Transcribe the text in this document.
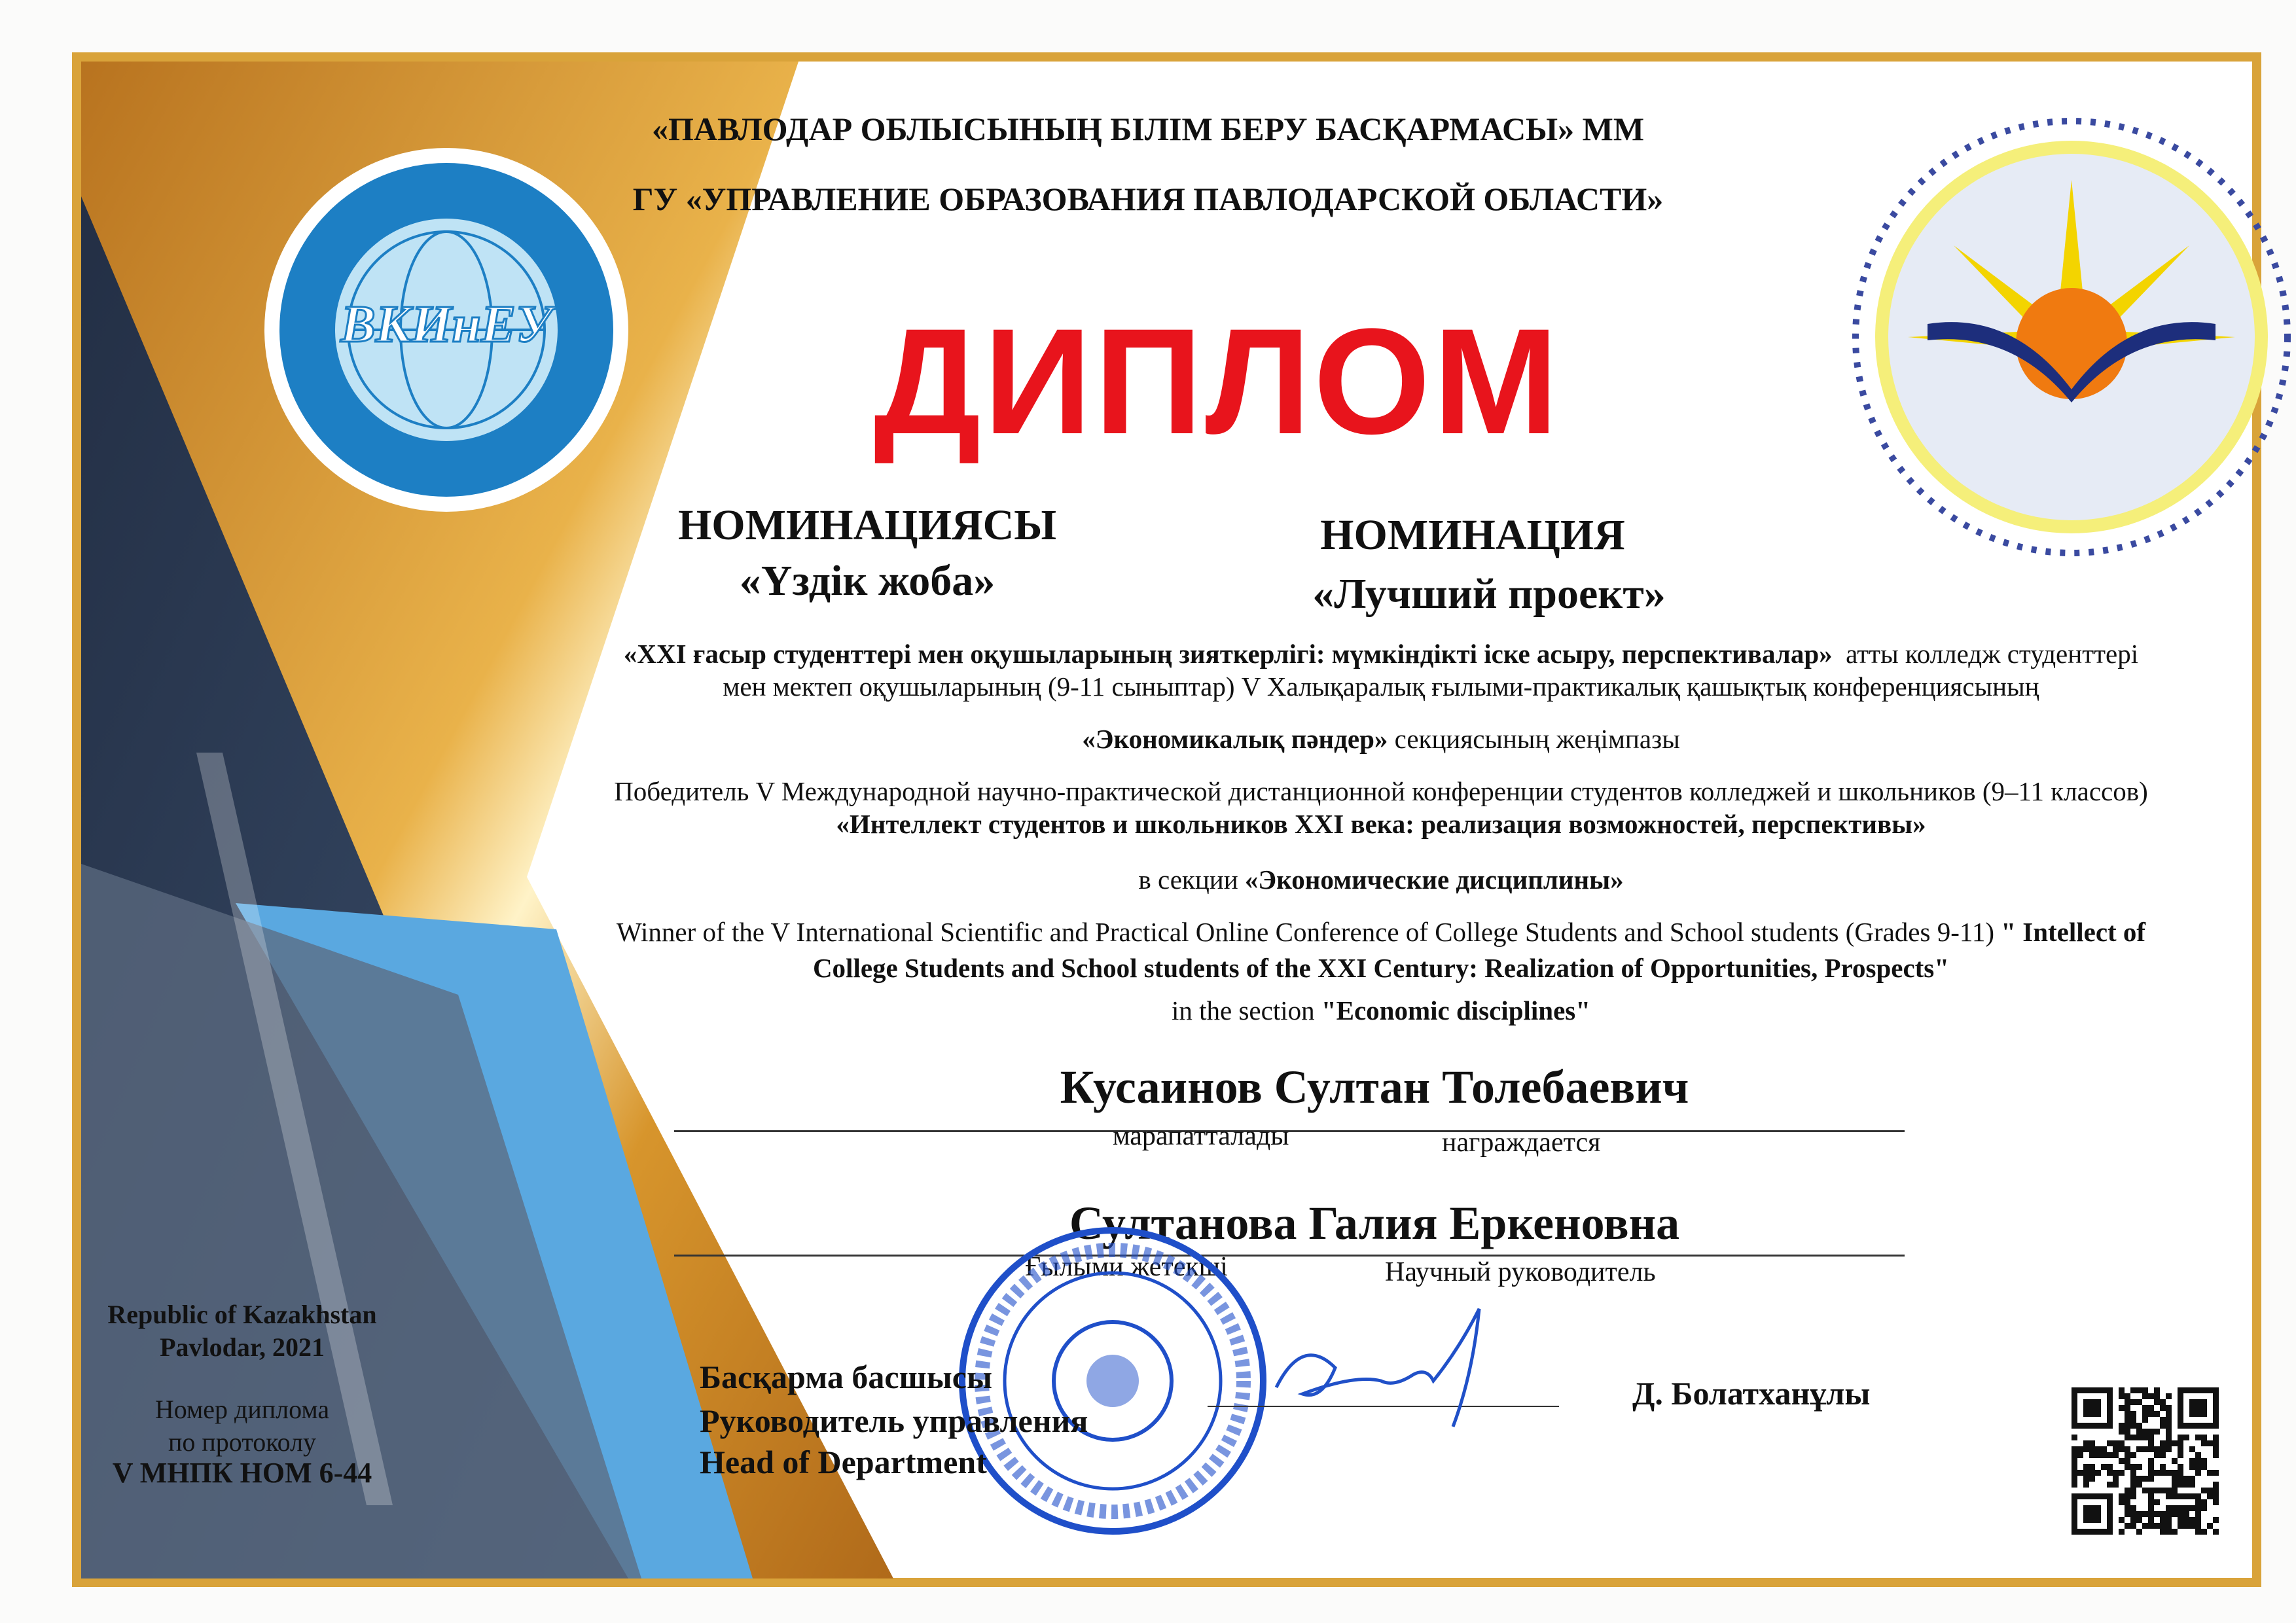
ВКИнЕУ
«ПАВЛОДАР ОБЛЫСЫНЫҢ БІЛІМ БЕРУ БАСҚАРМАСЫ» ММ
ГУ «УПРАВЛЕНИЕ ОБРАЗОВАНИЯ ПАВЛОДАРСКОЙ ОБЛАСТИ»
ДИПЛОМ
НОМИНАЦИЯСЫ
«Үздік жоба»
НОМИНАЦИЯ
«Лучший проект»
«XXI ғасыр студенттері мен оқушыларының зияткерлігі: мүмкіндікті іске асыру, перспективалар» атты колледж студенттері
мен мектеп оқушыларының (9-11 сыныптар) V Халықаралық ғылыми-практикалық қашықтық конференциясының
«Экономикалық пәндер» секциясының жеңімпазы
Победитель V Международной научно-практической дистанционной конференции студентов колледжей и школьников (9–11 классов)
«Интеллект студентов и школьников XXI века: реализация возможностей, перспективы»
в секции «Экономические дисциплины»
Winner of the V International Scientific and Practical Online Conference of College Students and School students (Grades 9-11) " Intellect of
College Students and School students of the XXI Century: Realization of Opportunities, Prospects"
in the section "Economic disciplines"
Кусаинов Султан Толебаевич
марапатталады	награждается
Султанова Галия Еркеновна
Ғылыми жетекші	Научный руководитель
Republic of Kazakhstan
Pavlodar, 2021
Номер диплома
по протоколу
V МНПК НОМ 6-44
Басқарма басшысы
Руководитель управления
Head of Department
Д. Болатханұлы
